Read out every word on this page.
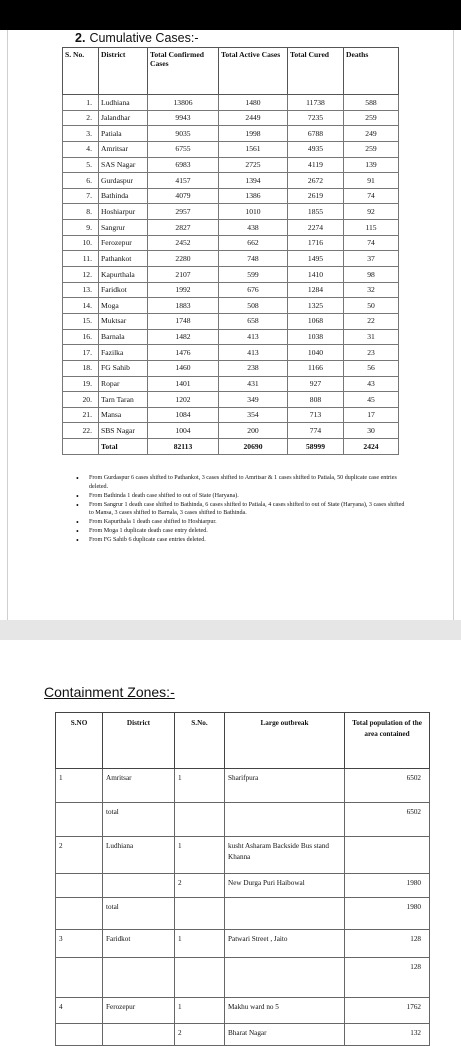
2. Cumulative Cases:-
S. No.	District	Total Confirmed Cases	Total Active Cases	Total Cured	Deaths
1.	Ludhiana	13806	1480	11738	588
2.	Jalandhar	9943	2449	7235	259
3.	Patiala	9035	1998	6788	249
4.	Amritsar	6755	1561	4935	259
5.	SAS Nagar	6983	2725	4119	139
6.	Gurdaspur	4157	1394	2672	91
7.	Bathinda	4079	1386	2619	74
8.	Hoshiarpur	2957	1010	1855	92
9.	Sangrur	2827	438	2274	115
10.	Ferozepur	2452	662	1716	74
11.	Pathankot	2280	748	1495	37
12.	Kapurthala	2107	599	1410	98
13.	Faridkot	1992	676	1284	32
14.	Moga	1883	508	1325	50
15.	Muktsar	1748	658	1068	22
16.	Barnala	1482	413	1038	31
17.	Fazilka	1476	413	1040	23
18.	FG Sahib	1460	238	1166	56
19.	Ropar	1401	431	927	43
20.	Tarn Taran	1202	349	808	45
21.	Mansa	1084	354	713	17
22.	SBS Nagar	1004	200	774	30
	Total	82113	20690	58999	2424
• From Gurdaspur 6 cases shifted to Pathankot, 3 cases shifted to Amritsar & 1 cases shifted to Patiala, 50 duplicate case entries deleted.
• From Bathinda 1 death case shifted to out of State (Haryana).
• From Sangrur 1 death case shifted to Bathinda, 6 cases shifted to Patiala, 4 cases shifted to out of State (Haryana), 3 cases shifted to Mansa, 3 cases shifted to Barnala, 3 cases shifted to Bathinda.
• From Kapurthala 1 death case shifted to Hoshiarpur.
• From Moga 1 duplicate death case entry deleted.
• From FG Sahib 6 duplicate case entries deleted.
Containment Zones:-
S.NO	District	S.No.	Large outbreak	Total population of the area contained
1	Amritsar	1	Sharifpura	6502
	total			6502
2	Ludhiana	1	kusht Asharam Backside Bus stand Khanna	
		2	New Durga Puri Haibowal	1980
	total			1980
3	Faridkot	1	Patwari Street , Jaito	128
				128
4	Ferozepur	1	Makhu ward no 5	1762
		2	Bharat Nagar	132
